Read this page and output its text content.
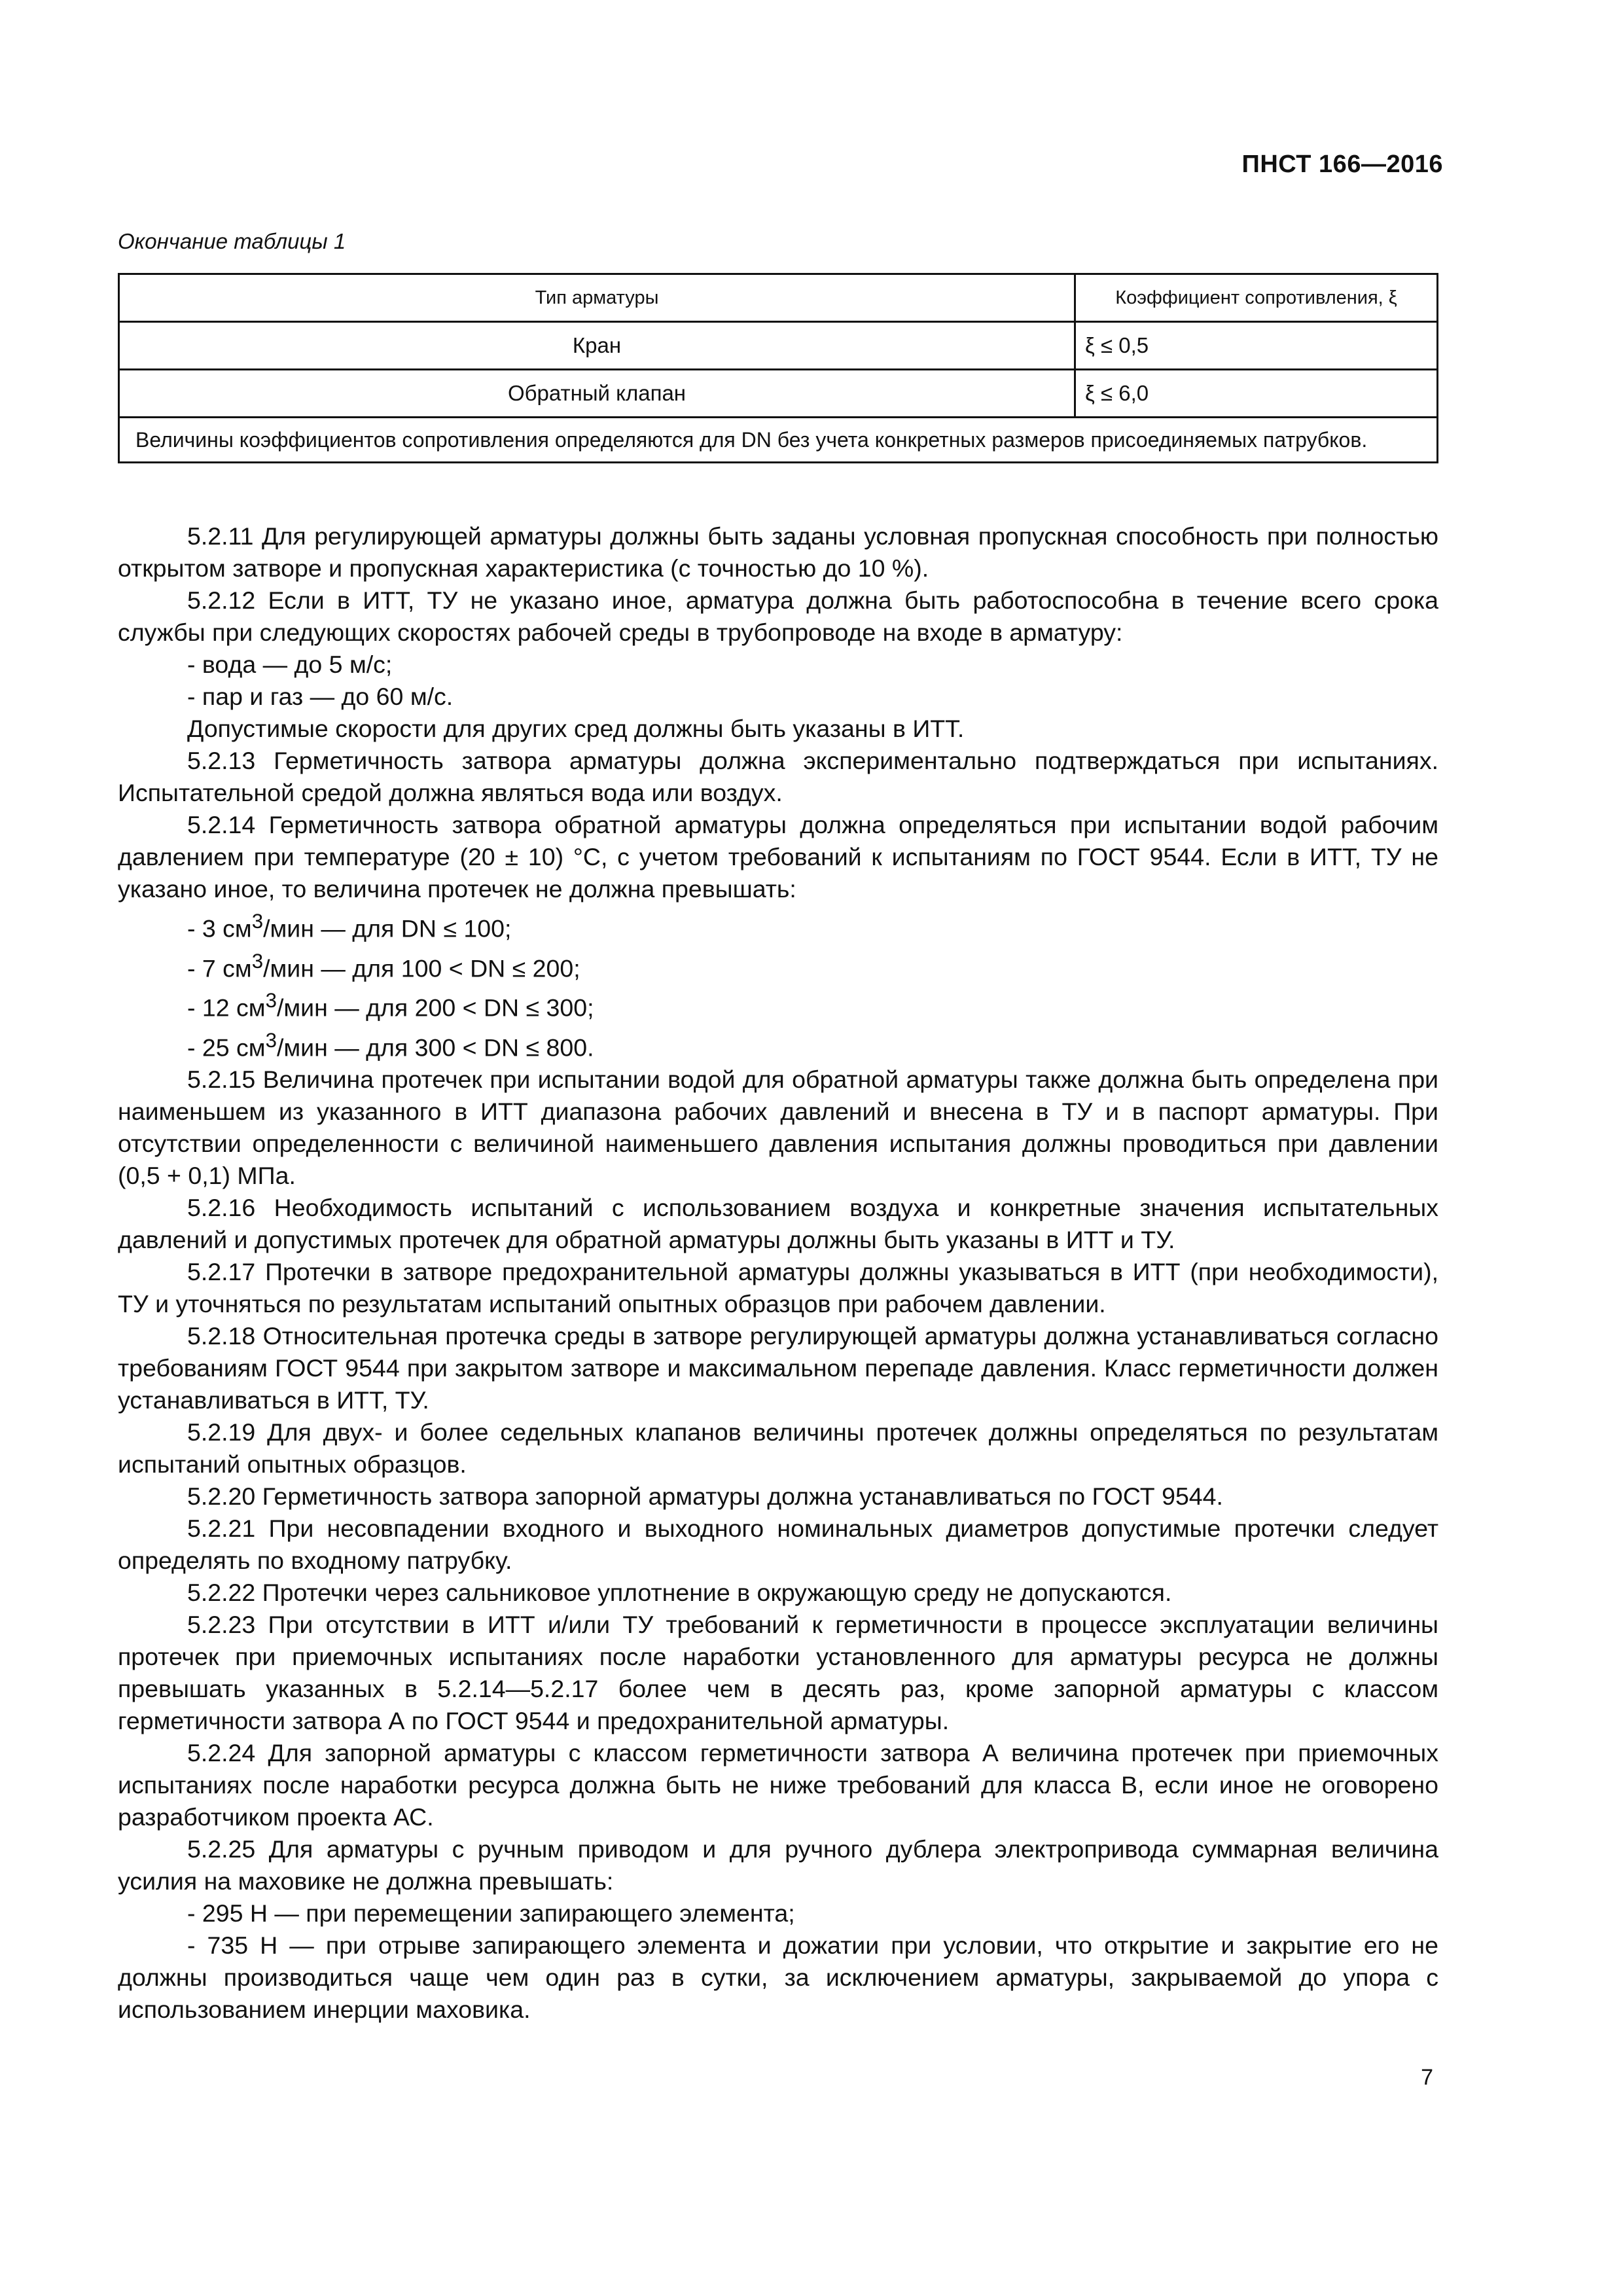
ПНСТ 166—2016
Окончание таблицы 1
Тип арматуры	Коэффициент сопротивления, ξ
Кран	ξ ≤ 0,5
Обратный клапан	ξ ≤ 6,0
Величины коэффициентов сопротивления определяются для DN без учета конкретных размеров присоединяемых патрубков.	

5.2.11 Для регулирующей арматуры должны быть заданы условная пропускная способность при полностью открытом затворе и пропускная характеристика (с точностью до 10 %).

5.2.12 Если в ИТТ, ТУ не указано иное, арматура должна быть работоспособна в течение всего срока службы при следующих скоростях рабочей среды в трубопроводе на входе в арматуру:

- вода — до 5 м/с;

- пар и газ — до 60 м/с.

Допустимые скорости для других сред должны быть указаны в ИТТ.

5.2.13 Герметичность затвора арматуры должна экспериментально подтверждаться при испытаниях. Испытательной средой должна являться вода или воздух.

5.2.14 Герметичность затвора обратной арматуры должна определяться при испытании водой рабочим давлением при температуре (20 ± 10) °С, с учетом требований к испытаниям по ГОСТ 9544. Если в ИТТ, ТУ не указано иное, то величина протечек не должна превышать:

- 3 $см^3$/мин — для DN ≤ 100;

- 7 $см^3$/мин — для 100 < DN ≤ 200;

- 12 $см^3$/мин — для 200 < DN ≤ 300;

- 25 $см^3$/мин — для 300 < DN ≤ 800.

5.2.15 Величина протечек при испытании водой для обратной арматуры также должна быть определена при наименьшем из указанного в ИТТ диапазона рабочих давлений и внесена в ТУ и в паспорт арматуры. При отсутствии определенности с величиной наименьшего давления испытания должны проводиться при давлении (0,5 + 0,1) МПа.

5.2.16 Необходимость испытаний с использованием воздуха и конкретные значения испытательных давлений и допустимых протечек для обратной арматуры должны быть указаны в ИТТ и ТУ.

5.2.17 Протечки в затворе предохранительной арматуры должны указываться в ИТТ (при необходимости), ТУ и уточняться по результатам испытаний опытных образцов при рабочем давлении.

5.2.18 Относительная протечка среды в затворе регулирующей арматуры должна устанавливаться согласно требованиям ГОСТ 9544 при закрытом затворе и максимальном перепаде давления. Класс герметичности должен устанавливаться в ИТТ, ТУ.

5.2.19 Для двух- и более седельных клапанов величины протечек должны определяться по результатам испытаний опытных образцов.

5.2.20 Герметичность затвора запорной арматуры должна устанавливаться по ГОСТ 9544.

5.2.21 При несовпадении входного и выходного номинальных диаметров допустимые протечки следует определять по входному патрубку.

5.2.22 Протечки через сальниковое уплотнение в окружающую среду не допускаются.

5.2.23 При отсутствии в ИТТ и/или ТУ требований к герметичности в процессе эксплуатации величины протечек при приемочных испытаниях после наработки установленного для арматуры ресурса не должны превышать указанных в 5.2.14—5.2.17 более чем в десять раз, кроме запорной арматуры с классом герметичности затвора А по ГОСТ 9544 и предохранительной арматуры.

5.2.24 Для запорной арматуры с классом герметичности затвора А величина протечек при приемочных испытаниях после наработки ресурса должна быть не ниже требований для класса В, если иное не оговорено разработчиком проекта АС.

5.2.25 Для арматуры с ручным приводом и для ручного дублера электропривода суммарная величина усилия на маховике не должна превышать:

- 295 Н — при перемещении запирающего элемента;

- 735 Н — при отрыве запирающего элемента и дожатии при условии, что открытие и закрытие его не должны производиться чаще чем один раз в сутки, за исключением арматуры, закрываемой до упора с использованием инерции маховика.

7
